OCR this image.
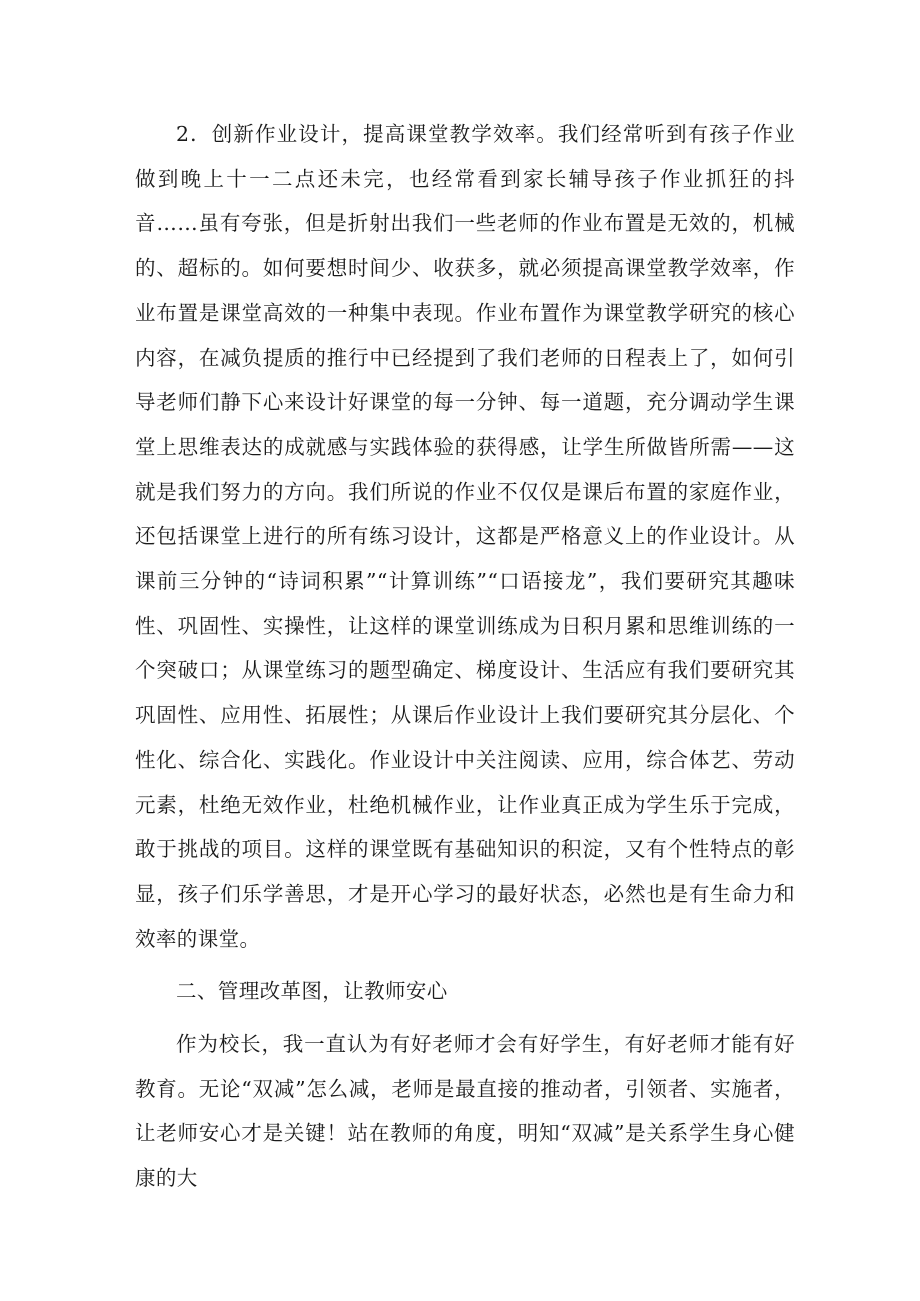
2．创新作业设计，提高课堂教学效率。我们经常听到有孩子作业做到晚上十一二点还未完，也经常看到家长辅导孩子作业抓狂的抖音……虽有夸张，但是折射出我们一些老师的作业布置是无效的，机械的、超标的。如何要想时间少、收获多，就必须提高课堂教学效率，作业布置是课堂高效的一种集中表现。作业布置作为课堂教学研究的核心内容，在减负提质的推行中已经提到了我们老师的日程表上了，如何引导老师们静下心来设计好课堂的每一分钟、每一道题，充分调动学生课堂上思维表达的成就感与实践体验的获得感，让学生所做皆所需——这就是我们努力的方向。我们所说的作业不仅仅是课后布置的家庭作业，还包括课堂上进行的所有练习设计，这都是严格意义上的作业设计。从课前三分钟的“诗词积累”“计算训练”“口语接龙”，我们要研究其趣味性、巩固性、实操性，让这样的课堂训练成为日积月累和思维训练的一个突破口；从课堂练习的题型确定、梯度设计、生活应有我们要研究其巩固性、应用性、拓展性；从课后作业设计上我们要研究其分层化、个性化、综合化、实践化。作业设计中关注阅读、应用，综合体艺、劳动元素，杜绝无效作业，杜绝机械作业，让作业真正成为学生乐于完成，敢于挑战的项目。这样的课堂既有基础知识的积淀，又有个性特点的彰显，孩子们乐学善思，才是开心学习的最好状态，必然也是有生命力和效率的课堂。

二、管理改革图，让教师安心

作为校长，我一直认为有好老师才会有好学生，有好老师才能有好教育。无论“双减”怎么减，老师是最直接的推动者，引领者、实施者，让老师安心才是关键！站在教师的角度，明知“双减”是关系学生身心健康的大
